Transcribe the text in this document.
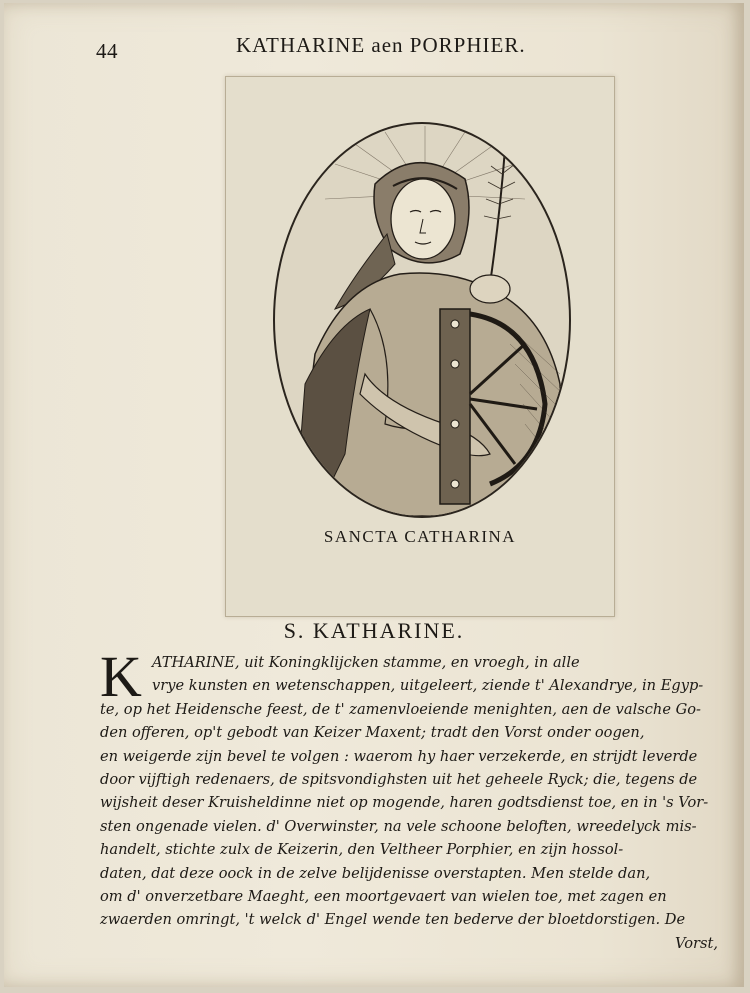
44	KATHARINE aen PORPHIER.
SANCTA CATHARINA
S. KATHARINE.
K ATHARINE, uit Koningklijcken stamme, en vroegh, in alle
vrye kunsten en wetenschappen, uitgeleert, ziende t' Alexandrye, in Egyp-
te, op het Heidensche feest, de t' zamenvloeiende menighten, aen de valsche Go-
den offeren, op't gebodt van Keizer Maxent; tradt den Vorst onder oogen,
en weigerde zijn bevel te volgen : waerom hy haer verzekerde, en strijdt leverde
door vijftigh redenaers, de spitsvondighsten uit het geheele Ryck; die, tegens de
wijsheit deser Kruisheldinne niet op mogende, haren godtsdienst toe, en in 's Vor-
sten ongenade vielen. d' Overwinster, na vele schoone beloften, wreedelyck mis-
handelt, stichte zulx de Keizerin, den Veltheer Porphier, en zijn hossol-
daten, dat deze oock in de zelve belijdenisse overstapten. Men stelde dan,
om d' onverzetbare Maeght, een moortgevaert van wielen toe, met zagen en
zwaerden omringt, 't welck d' Engel wende ten bederve der bloetdorstigen. De
Vorst,
